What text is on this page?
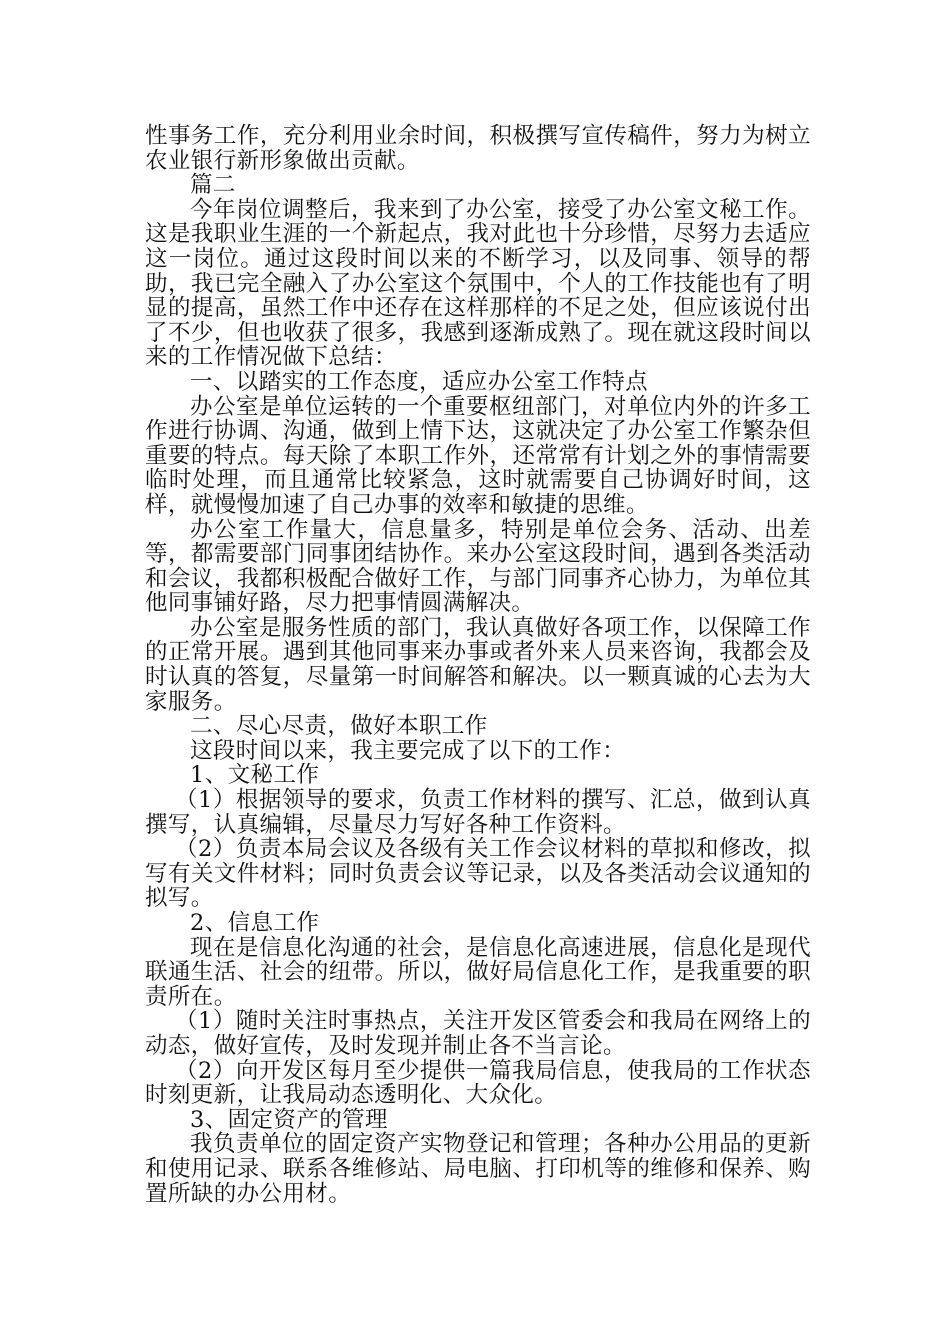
性事务工作，充分利用业余时间，积极撰写宣传稿件，努力为树立农业银行新形象做出贡献。

篇二

今年岗位调整后，我来到了办公室，接受了办公室文秘工作。这是我职业生涯的一个新起点，我对此也十分珍惜，尽努力去适应这一岗位。通过这段时间以来的不断学习，以及同事、领导的帮助，我已完全融入了办公室这个氛围中，个人的工作技能也有了明显的提高，虽然工作中还存在这样那样的不足之处，但应该说付出了不少，但也收获了很多，我感到逐渐成熟了。现在就这段时间以来的工作情况做下总结：

一、以踏实的工作态度，适应办公室工作特点

办公室是单位运转的一个重要枢纽部门，对单位内外的许多工作进行协调、沟通，做到上情下达，这就决定了办公室工作繁杂但重要的特点。每天除了本职工作外，还常常有计划之外的事情需要临时处理，而且通常比较紧急，这时就需要自己协调好时间，这样，就慢慢加速了自己办事的效率和敏捷的思维。

办公室工作量大，信息量多，特别是单位会务、活动、出差等，都需要部门同事团结协作。来办公室这段时间，遇到各类活动和会议，我都积极配合做好工作，与部门同事齐心协力，为单位其他同事铺好路，尽力把事情圆满解决。

办公室是服务性质的部门，我认真做好各项工作，以保障工作的正常开展。遇到其他同事来办事或者外来人员来咨询，我都会及时认真的答复，尽量第一时间解答和解决。以一颗真诚的心去为大家服务。

二、尽心尽责，做好本职工作

这段时间以来，我主要完成了以下的工作：

1、文秘工作

（1）根据领导的要求，负责工作材料的撰写、汇总，做到认真撰写，认真编辑，尽量尽力写好各种工作资料。

（2）负责本局会议及各级有关工作会议材料的草拟和修改，拟写有关文件材料；同时负责会议等记录，以及各类活动会议通知的拟写。

2、信息工作

现在是信息化沟通的社会，是信息化高速进展，信息化是现代联通生活、社会的纽带。所以，做好局信息化工作，是我重要的职责所在。

（1）随时关注时事热点，关注开发区管委会和我局在网络上的动态，做好宣传，及时发现并制止各不当言论。

（2）向开发区每月至少提供一篇我局信息，使我局的工作状态时刻更新，让我局动态透明化、大众化。

3、固定资产的管理

我负责单位的固定资产实物登记和管理；各种办公用品的更新和使用记录、联系各维修站、局电脑、打印机等的维修和保养、购置所缺的办公用材。
